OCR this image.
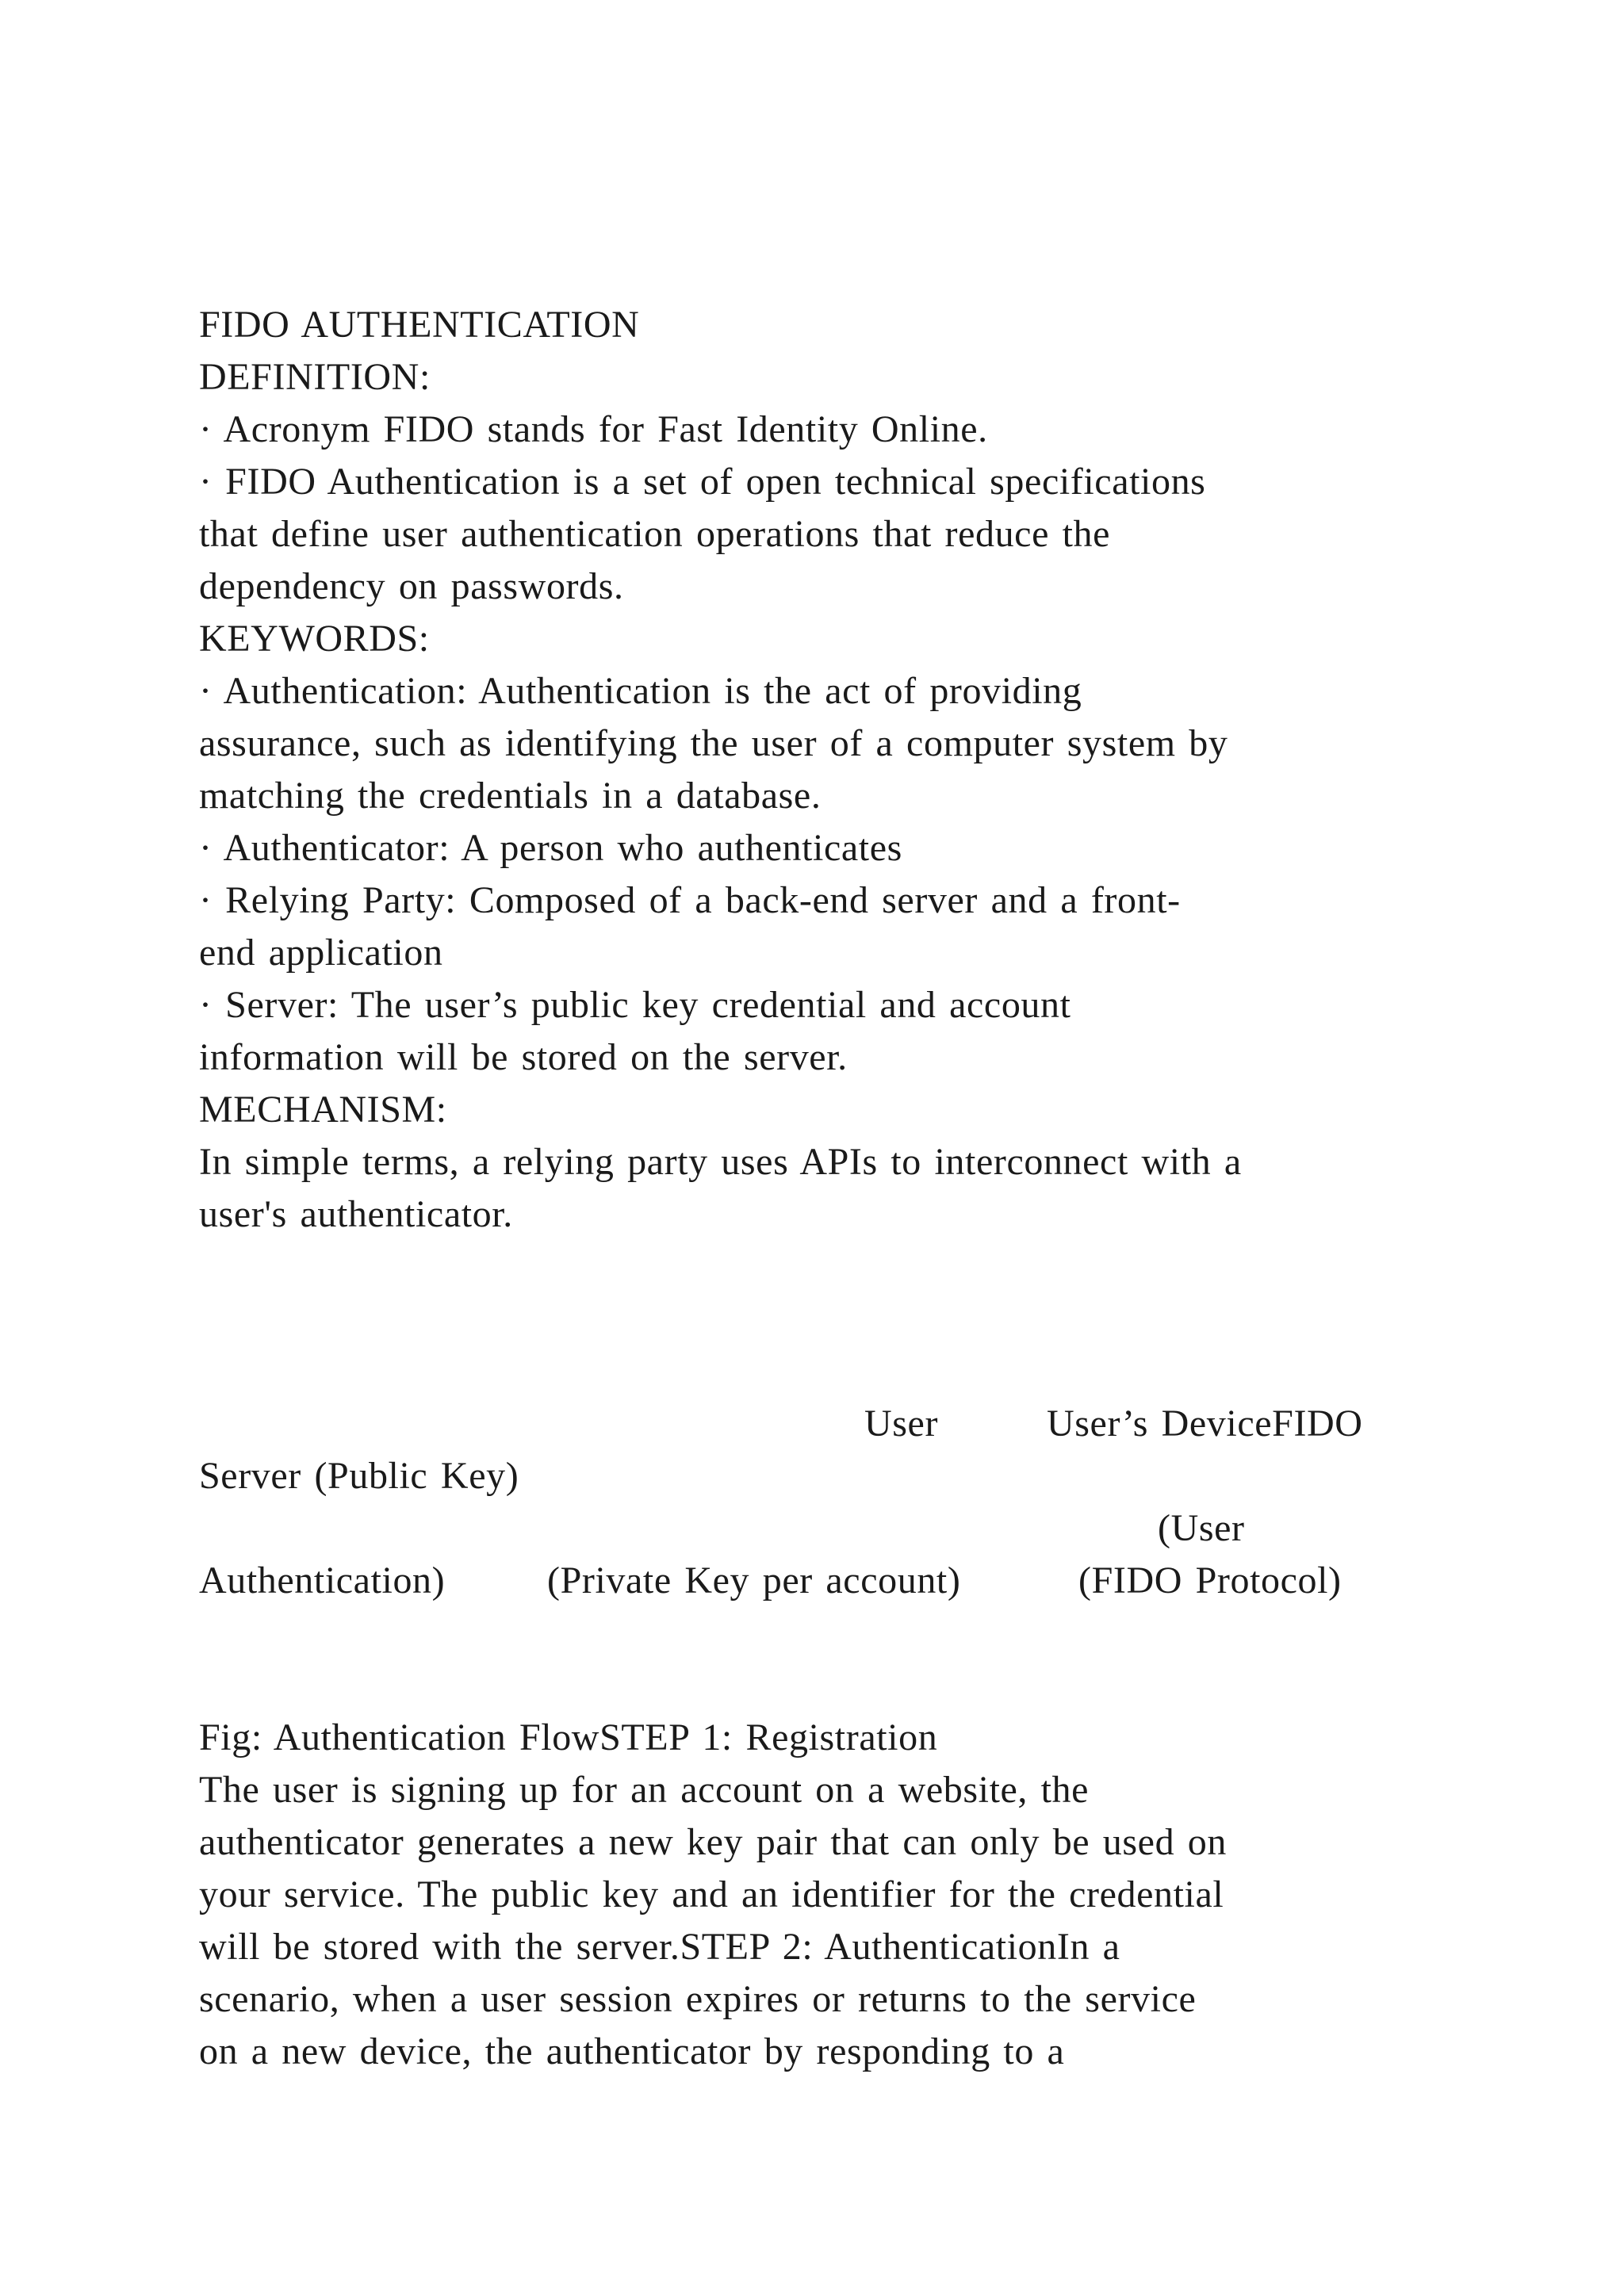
FIDO AUTHENTICATION
DEFINITION:
· Acronym FIDO stands for Fast Identity Online.
· FIDO Authentication is a set of open technical specifications
that define user authentication operations that reduce the
dependency on passwords.
KEYWORDS:
· Authentication: Authentication is the act of providing
assurance, such as identifying the user of a computer system by
matching the credentials in a database.
· Authenticator: A person who authenticates
· Relying Party: Composed of a back-end server and a front-
end application
· Server: The user’s public key credential and account
information will be stored on the server.
MECHANISM:
In simple terms, a relying party uses APIs to interconnect with a
user's authenticator.
User	User’s DeviceFIDO
Server (Public Key)
(User
Authentication)	(Private Key per account)	(FIDO Protocol)
Fig: Authentication FlowSTEP 1: Registration
The user is signing up for an account on a website, the
authenticator generates a new key pair that can only be used on
your service. The public key and an identifier for the credential
will be stored with the server.STEP 2: AuthenticationIn a
scenario, when a user session expires or returns to the service
on a new device, the authenticator by responding to a
